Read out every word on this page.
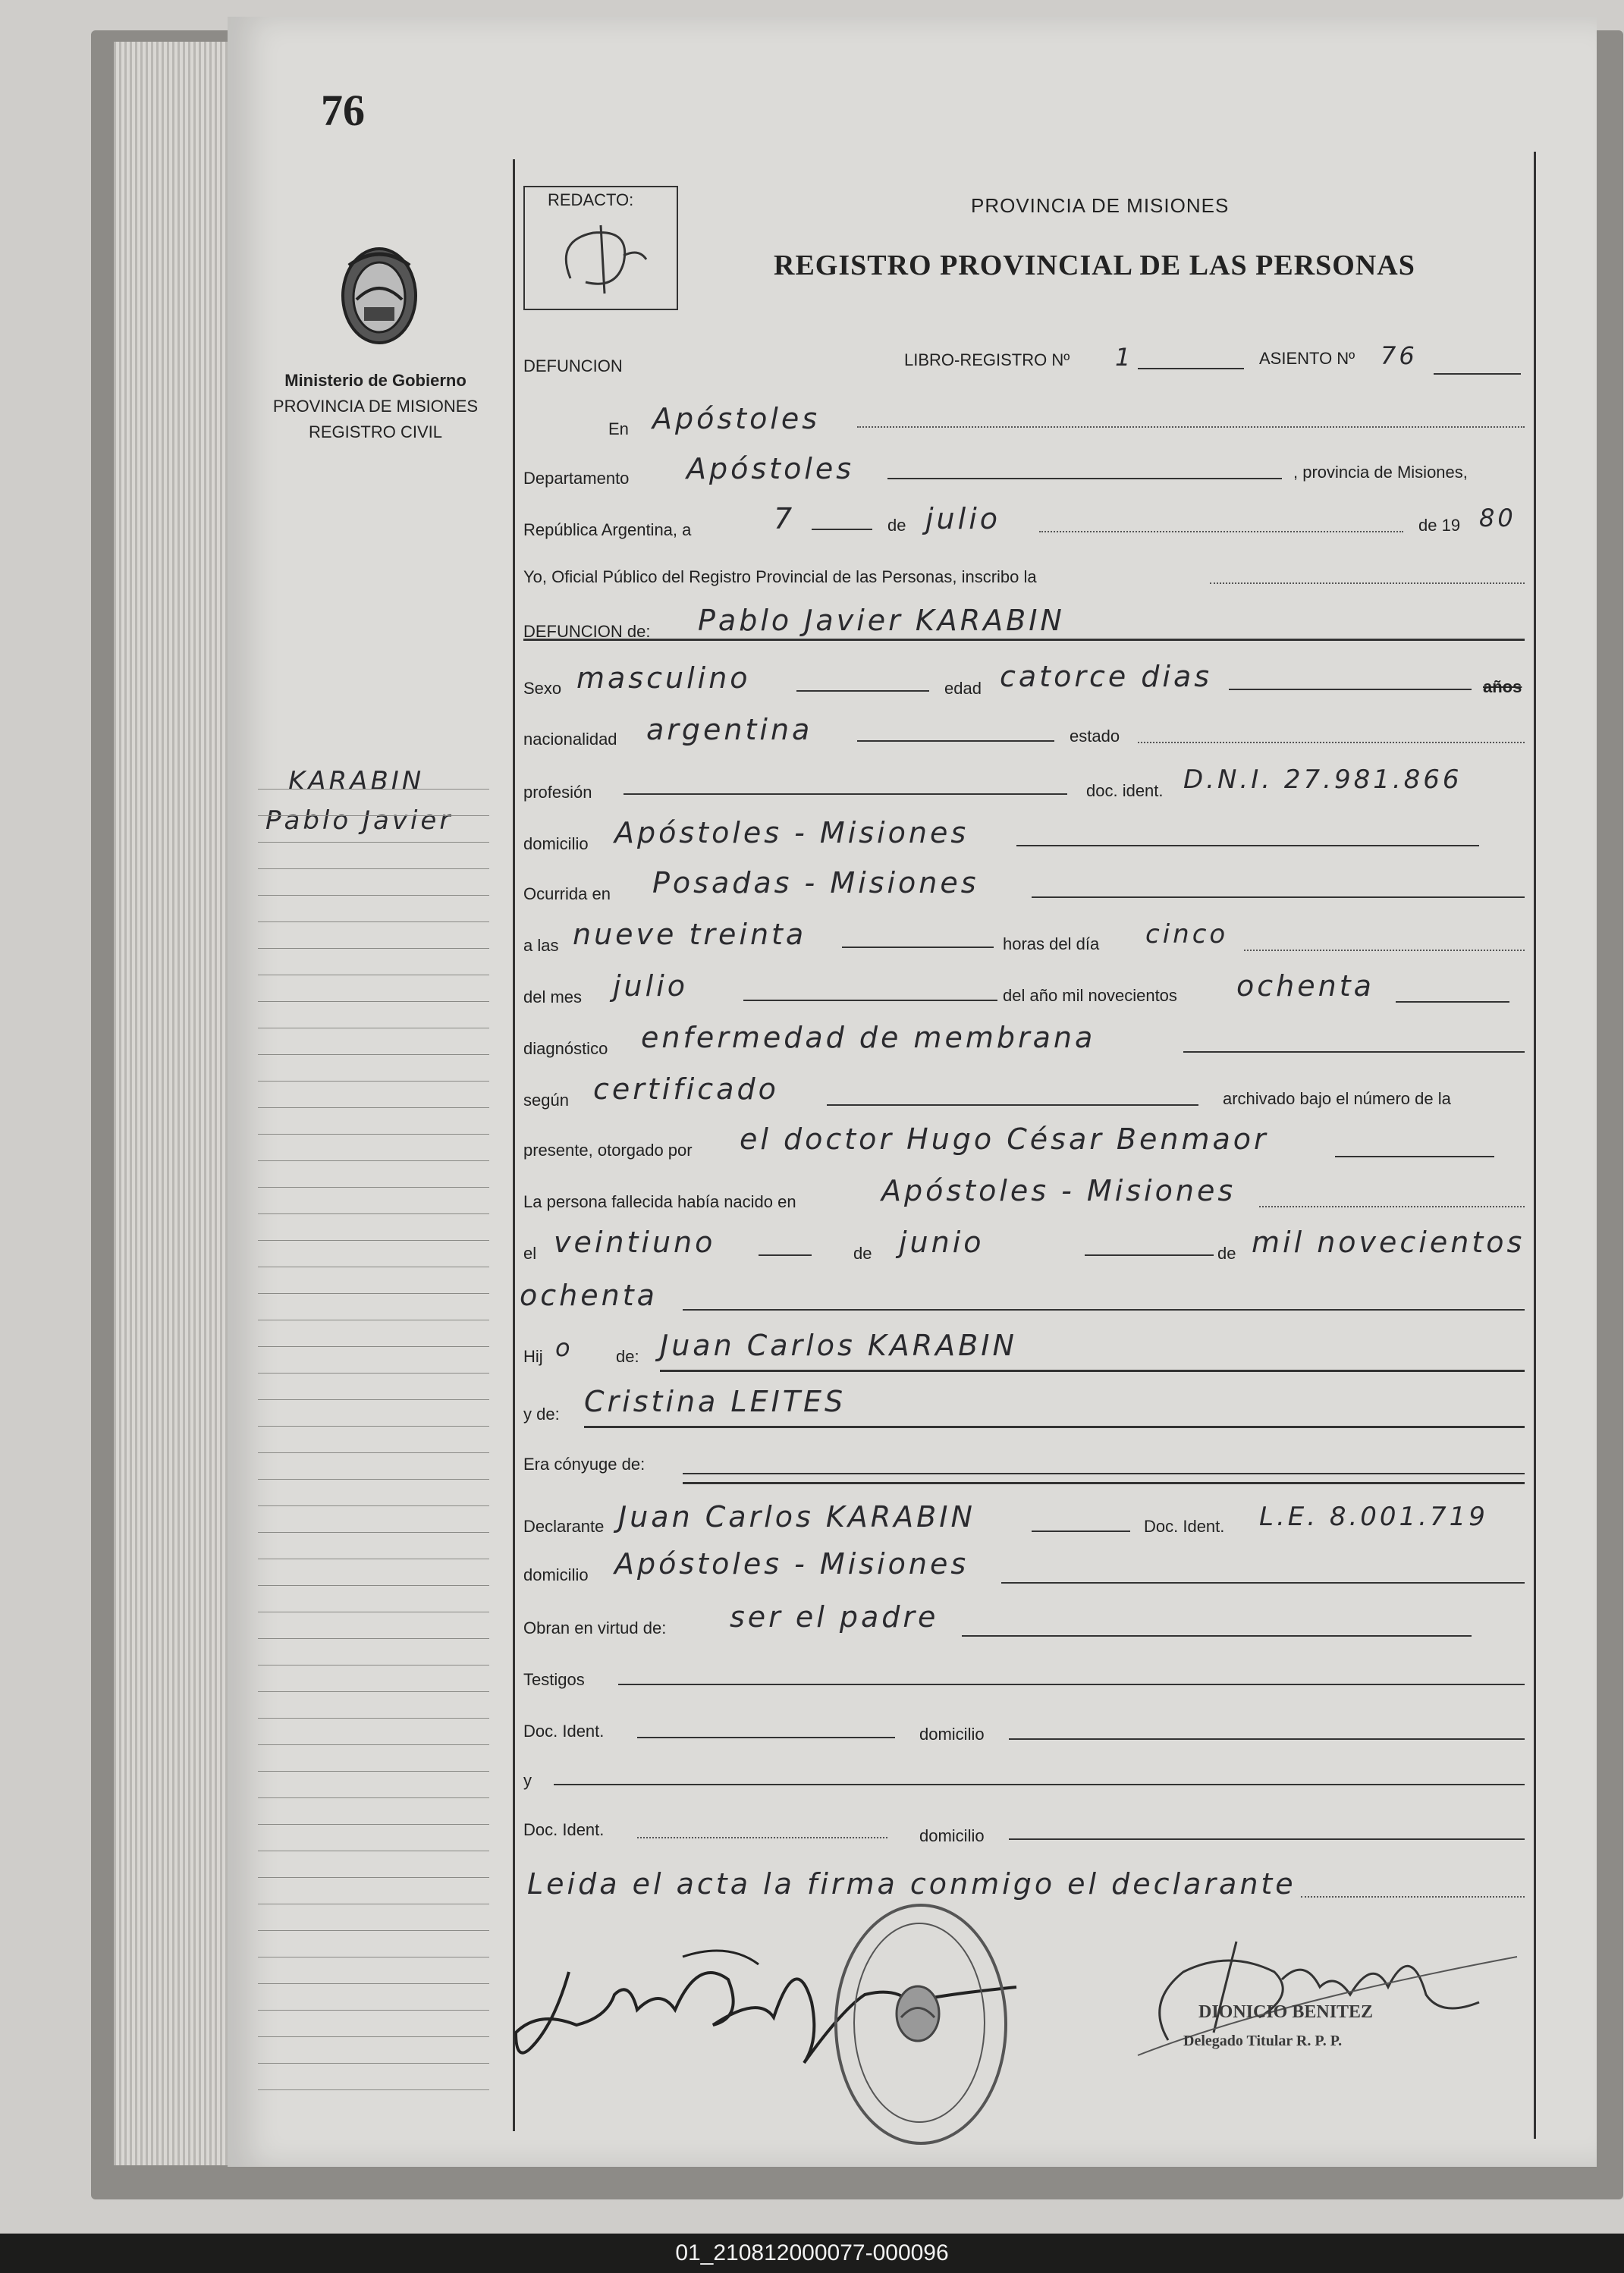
76
Ministerio de Gobierno
PROVINCIA DE MISIONES
REGISTRO CIVIL
KARABIN
Pablo Javier
REDACTO:	PROVINCIA DE MISIONES
REGISTRO PROVINCIAL DE LAS PERSONAS
DEFUNCION	LIBRO-REGISTRO Nº 1	ASIENTO Nº 76
En Apóstoles
Departamento Apóstoles	, provincia de Misiones,
República Argentina, a	7	de julio	de 19 80
Yo, Oficial Público del Registro Provincial de las Personas, inscribo la
DEFUNCION de: Pablo Javier KARABIN
Sexo masculino	edad catorce dias	años
nacionalidad argentina	estado
profesión	doc. ident. D.N.I. 27.981.866
domicilio Apóstoles - Misiones
Ocurrida en Posadas - Misiones
a las nueve treinta	horas del día cinco
del mes julio	del año mil novecientos ochenta
diagnóstico enfermedad de membrana
según certificado	archivado bajo el número de la
presente, otorgado por el doctor Hugo César Benmaor
La persona fallecida había nacido en	Apóstoles - Misiones
el veintiuno	de junio	de mil novecientos
ochenta
Hij o	de: Juan Carlos KARABIN
y de: Cristina LEITES
Era cónyuge de:
Declarante Juan Carlos KARABIN	Doc. Ident. L.E. 8.001.719
domicilio Apóstoles - Misiones
Obran en virtud de: ser el padre
Testigos
Doc. Ident.	domicilio
y
Doc. Ident.	domicilio
Leida el acta la firma conmigo el declarante
DIONICIO BENITEZ
Delegado Titular R. P. P.
01_210812000077-000096
